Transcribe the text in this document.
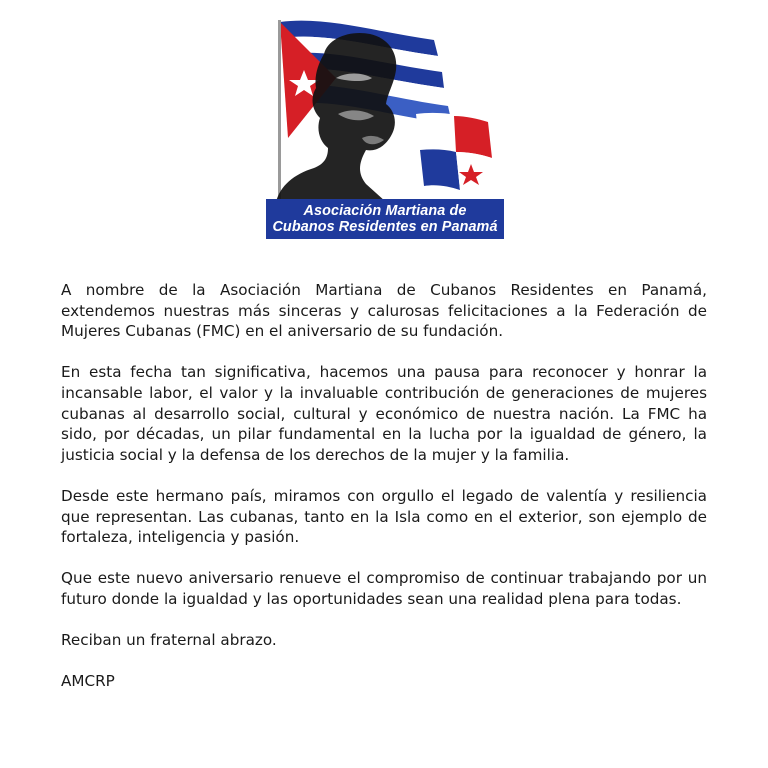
Asociación Martiana de
Cubanos Residentes en Panamá

A nombre de la Asociación Martiana de Cubanos Residentes en Panamá, extendemos nuestras más sinceras y calurosas felicitaciones a la Federación de Mujeres Cubanas (FMC) en el aniversario de su fundación.

En esta fecha tan significativa, hacemos una pausa para reconocer y honrar la incansable labor, el valor y la invaluable contribución de generaciones de mujeres cubanas al desarrollo social, cultural y económico de nuestra nación. La FMC ha sido, por décadas, un pilar fundamental en la lucha por la igualdad de género, la justicia social y la defensa de los derechos de la mujer y la familia.

Desde este hermano país, miramos con orgullo el legado de valentía y resiliencia que representan. Las cubanas, tanto en la Isla como en el exterior, son ejemplo de fortaleza, inteligencia y pasión.

Que este nuevo aniversario renueve el compromiso de continuar trabajando por un futuro donde la igualdad y las oportunidades sean una realidad plena para todas.

Reciban un fraternal abrazo.

AMCRP
